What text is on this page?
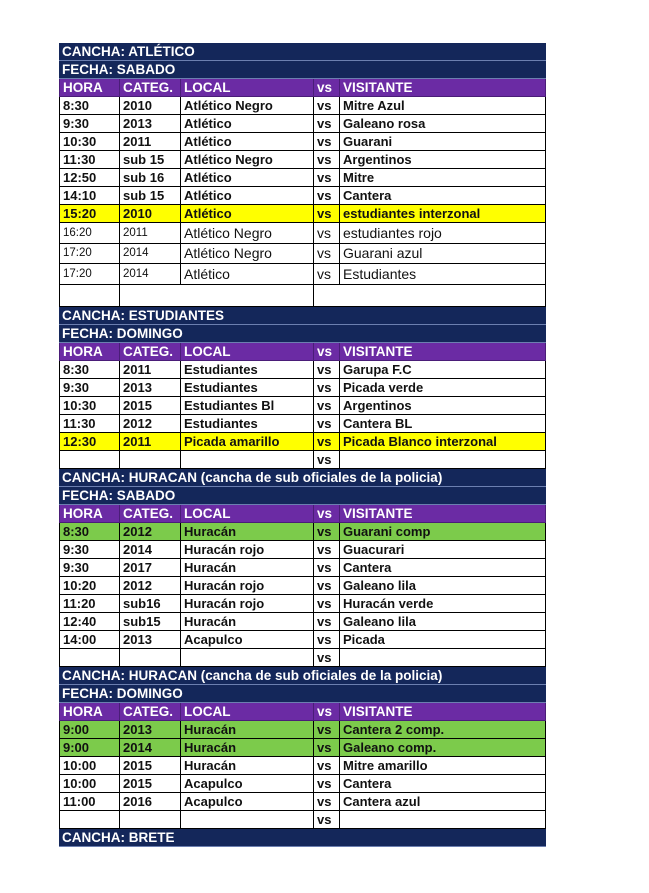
CANCHA: ATLÉTICO
FECHA: SABADO
HORA	CATEG. LOCAL	vs VISITANTE
8:30	2010	Atlético Negro	vs Mitre Azul
9:30	2013	Atlético	vs Galeano rosa
10:30	2011	Atlético	vs Guarani
11:30	sub 15	Atlético Negro	vs Argentinos
12:50	sub 16	Atlético	vs Mitre
14:10	sub 15	Atlético	vs Cantera
15:20	2010	Atlético	vs estudiantes interzonal
16:20	2011	Atlético Negro	vs estudiantes rojo
17:20	2014	Atlético Negro	vs Guarani azul
17:20	2014	Atlético	vs Estudiantes
CANCHA: ESTUDIANTES
FECHA: DOMINGO
HORA	CATEG. LOCAL	vs VISITANTE
8:30	2011	Estudiantes	vs Garupa F.C
9:30	2013	Estudiantes	vs Picada verde
10:30	2015	Estudiantes Bl	vs Argentinos
11:30	2012	Estudiantes	vs Cantera BL
12:30	2011	Picada amarillo	vs Picada Blanco interzonal
vs
CANCHA: HURACAN (cancha de sub oficiales de la policia)
FECHA: SABADO
HORA	CATEG. LOCAL	vs VISITANTE
8:30	2012	Huracán	vs Guarani comp
9:30	2014	Huracán rojo	vs Guacurari
9:30	2017	Huracán	vs Cantera
10:20	2012	Huracán rojo	vs Galeano lila
11:20	sub16	Huracán rojo	vs Huracán verde
12:40	sub15	Huracán	vs Galeano lila
14:00	2013	Acapulco	vs Picada
vs
CANCHA: HURACAN (cancha de sub oficiales de la policia)
FECHA: DOMINGO
HORA	CATEG. LOCAL	vs VISITANTE
9:00	2013	Huracán	vs Cantera 2 comp.
9:00	2014	Huracán	vs Galeano comp.
10:00	2015	Huracán	vs Mitre amarillo
10:00	2015	Acapulco	vs Cantera
11:00	2016	Acapulco	vs Cantera azul
vs
CANCHA: BRETE
